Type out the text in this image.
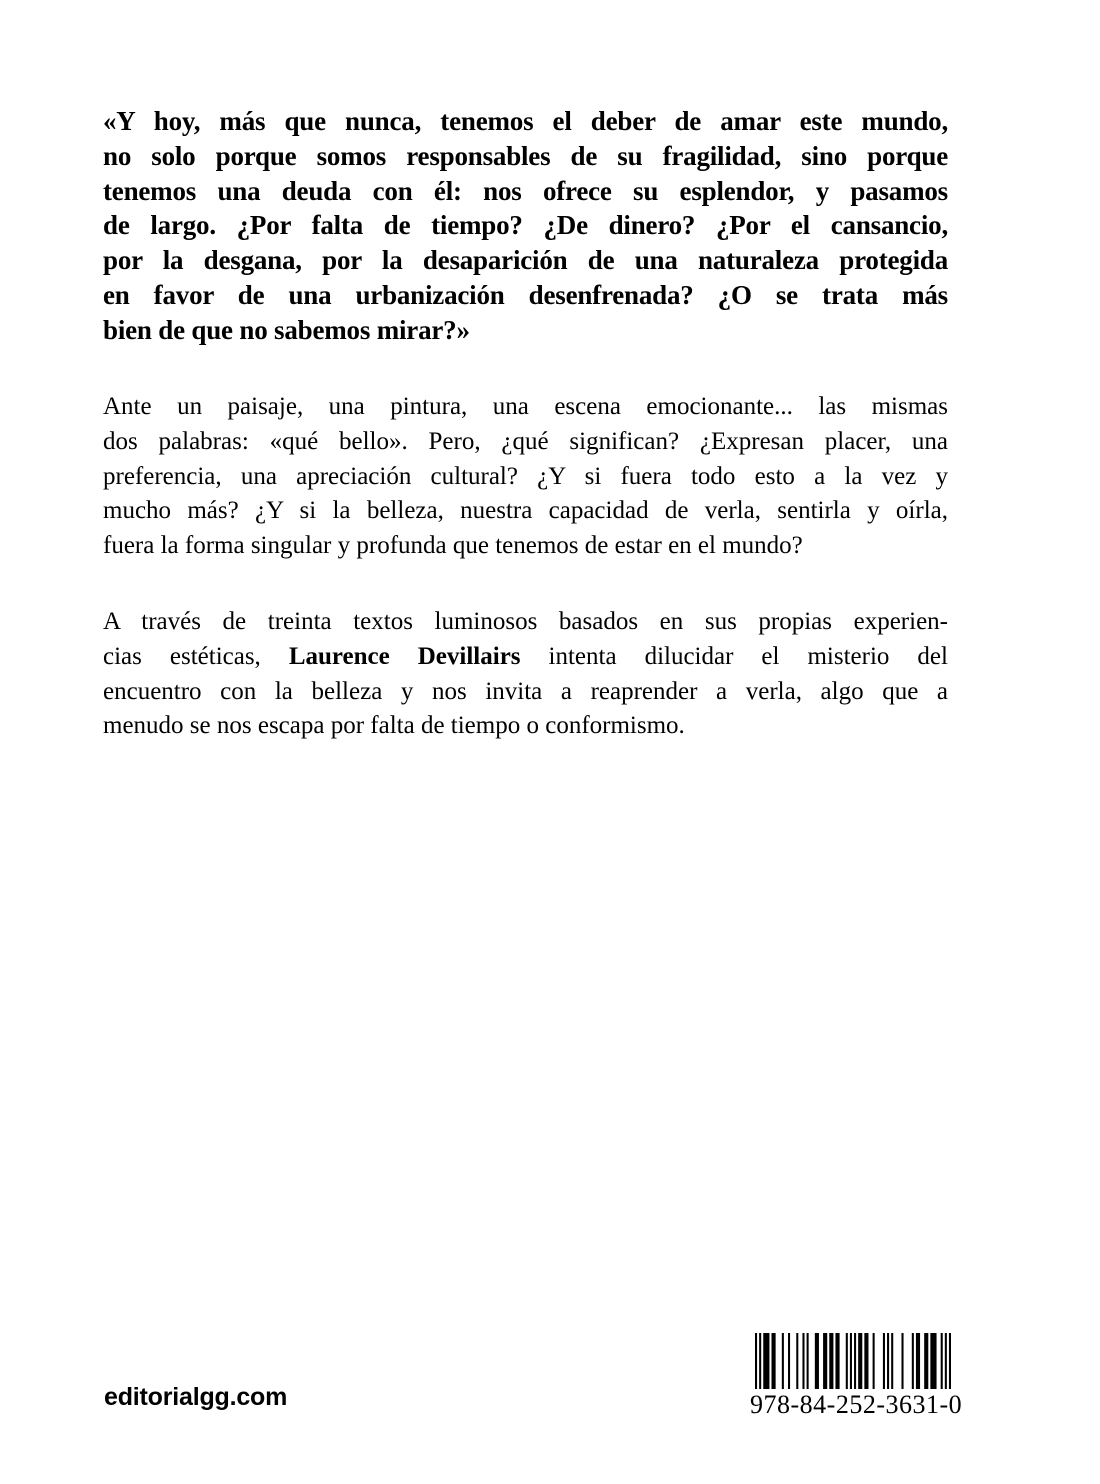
«Y hoy, más que nunca, tenemos el deber de amar este mundo,
no solo porque somos responsables de su fragilidad, sino porque
tenemos una deuda con él: nos ofrece su esplendor, y pasamos
de largo. ¿Por falta de tiempo? ¿De dinero? ¿Por el cansancio,
por la desgana, por la desaparición de una naturaleza protegida
en favor de una urbanización desenfrenada? ¿O se trata más
bien de que no sabemos mirar?»
Ante un paisaje, una pintura, una escena emocionante... las mismas
dos palabras: «qué bello». Pero, ¿qué significan? ¿Expresan placer, una
preferencia, una apreciación cultural? ¿Y si fuera todo esto a la vez y
mucho más? ¿Y si la belleza, nuestra capacidad de verla, sentirla y oírla,
fuera la forma singular y profunda que tenemos de estar en el mundo?
A través de treinta textos luminosos basados en sus propias experien-
cias estéticas, Laurence Devillairs intenta dilucidar el misterio del
encuentro con la belleza y nos invita a reaprender a verla, algo que a
menudo se nos escapa por falta de tiempo o conformismo.
editorialgg.com	978-84-252-3631-0
